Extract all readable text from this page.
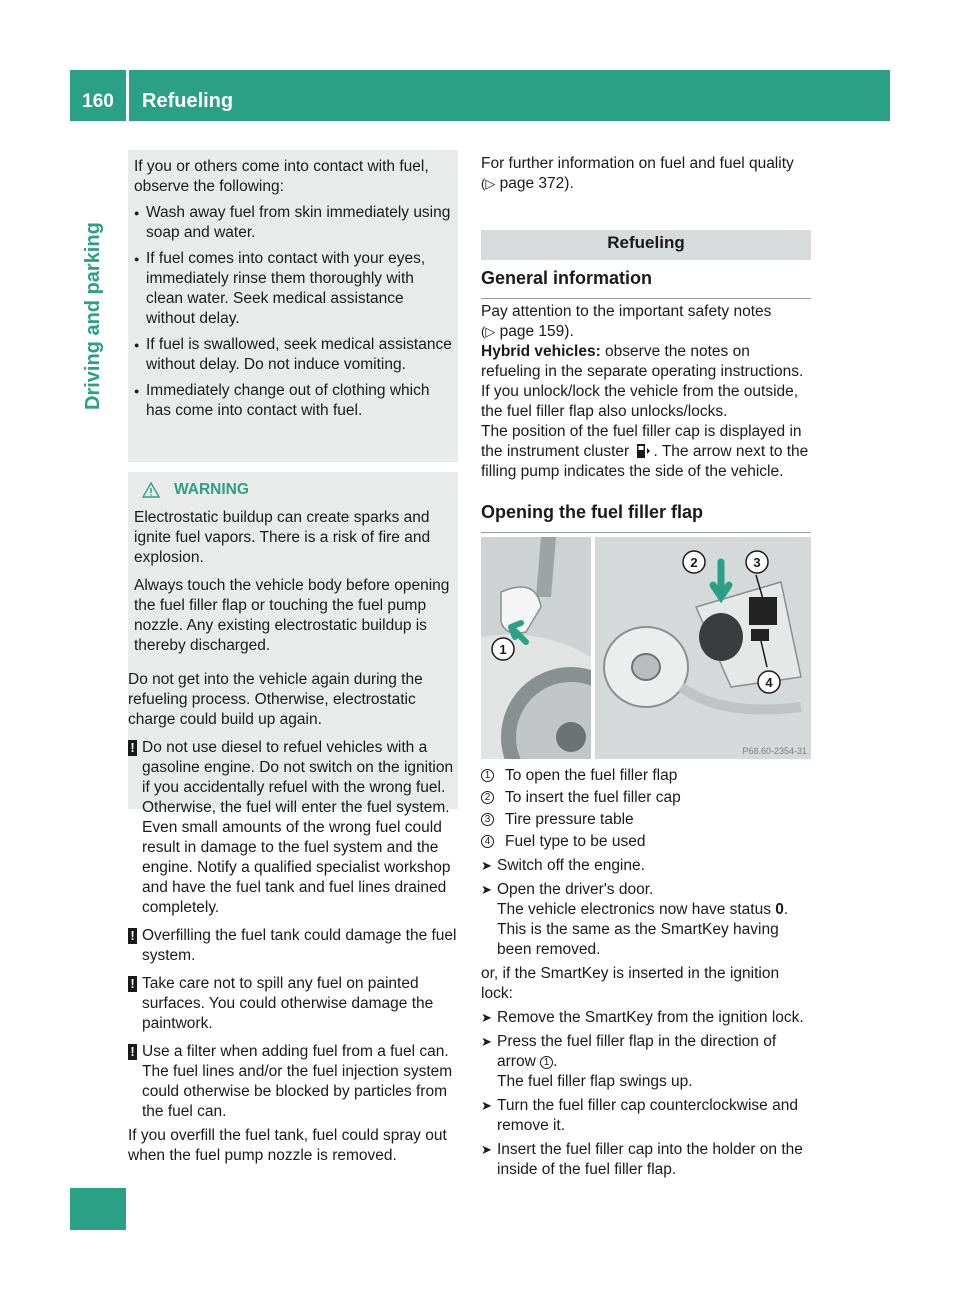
160	Refueling
Driving and parking

If you or others come into contact with fuel, observe the following:

● Wash away fuel from skin immediately using soap and water.
● If fuel comes into contact with your eyes, immediately rinse them thoroughly with clean water. Seek medical assistance without delay.
● If fuel is swallowed, seek medical assistance without delay. Do not induce vomiting.
● Immediately change out of clothing which has come into contact with fuel.
WARNING

Electrostatic buildup can create sparks and ignite fuel vapors. There is a risk of fire and explosion.

Always touch the vehicle body before opening the fuel filler flap or touching the fuel pump nozzle. Any existing electrostatic buildup is thereby discharged.

Do not get into the vehicle again during the refueling process. Otherwise, electrostatic charge could build up again.

! Do not use diesel to refuel vehicles with a gasoline engine. Do not switch on the ignition if you accidentally refuel with the wrong fuel. Otherwise, the fuel will enter the fuel system. Even small amounts of the wrong fuel could result in damage to the fuel system and the engine. Notify a qualified specialist workshop and have the fuel tank and fuel lines drained completely.
! Overfilling the fuel tank could damage the fuel system.
! Take care not to spill any fuel on painted surfaces. You could otherwise damage the paintwork.
! Use a filter when adding fuel from a fuel can. The fuel lines and/or the fuel injection system could otherwise be blocked by particles from the fuel can.

If you overfill the fuel tank, fuel could spray out when the fuel pump nozzle is removed.

For further information on fuel and fuel quality
(▷ page 372).

Refueling
General information

Pay attention to the important safety notes
(▷ page 159).

Hybrid vehicles: observe the notes on refueling in the separate operating instructions.

If you unlock/lock the vehicle from the outside, the fuel filler flap also unlocks/locks.

The position of the fuel filler cap is displayed in the instrument cluster . The arrow next to the filling pump indicates the side of the vehicle.

Opening the fuel filler flap
1
2	3
4
P68.60-2354-31
1 To open the fuel filler flap
2 To insert the fuel filler cap
3 Tire pressure table
4 Fuel type to be used
➤ Switch off the engine.
➤ Open the driver's door.
The vehicle electronics now have status 0.
This is the same as the SmartKey having been removed.

or, if the SmartKey is inserted in the ignition lock:

➤ Remove the SmartKey from the ignition lock.
➤ Press the fuel filler flap in the direction of arrow 1 .
The fuel filler flap swings up.
➤ Turn the fuel filler cap counterclockwise and remove it.
➤ Insert the fuel filler cap into the holder on the inside of the fuel filler flap.
